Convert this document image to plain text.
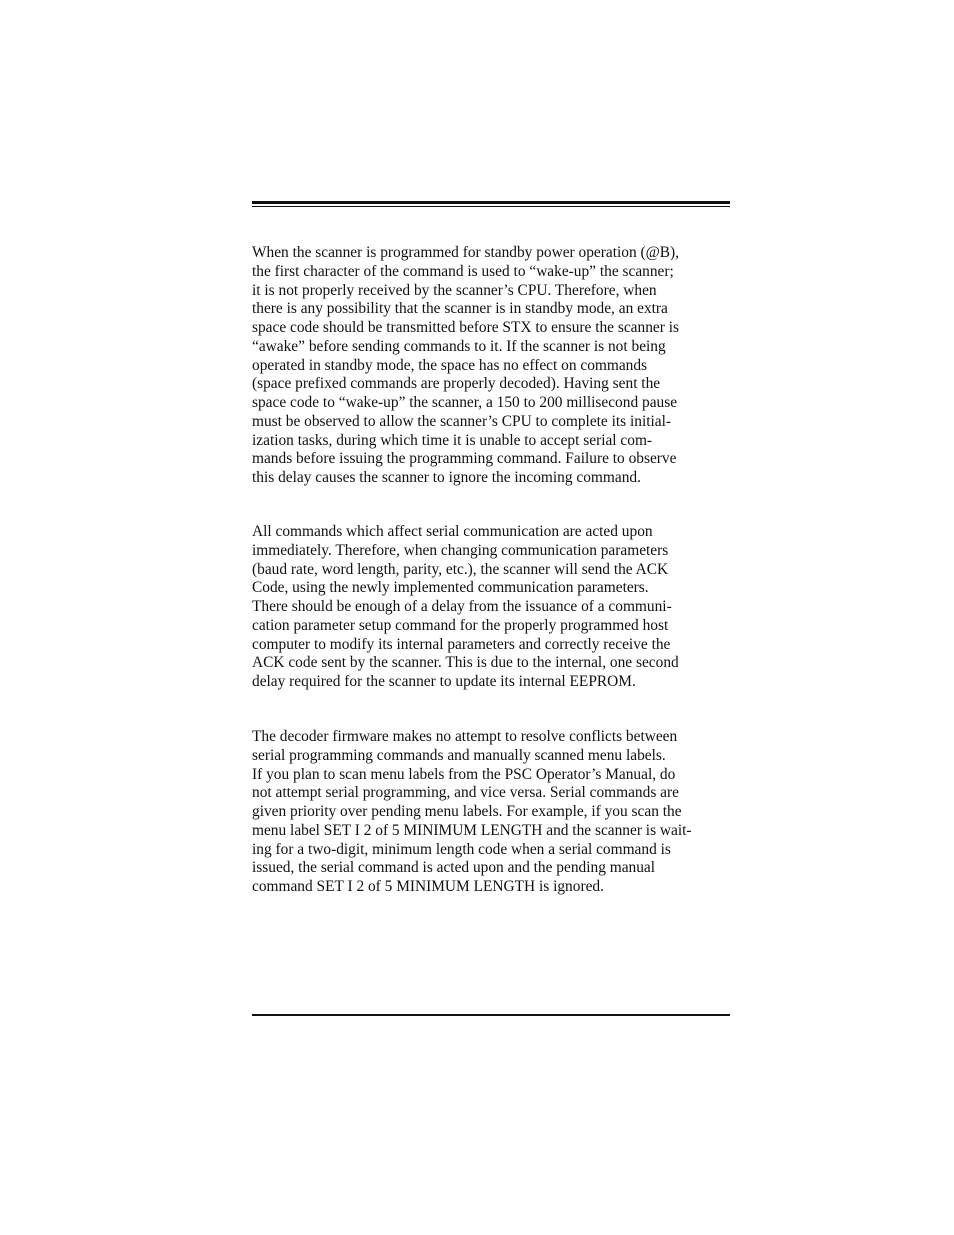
When the scanner is programmed for standby power operation (@B),
the first character of the command is used to “wake-up” the scanner;
it is not properly received by the scanner’s CPU. Therefore, when
there is any possibility that the scanner is in standby mode, an extra
space code should be transmitted before STX to ensure the scanner is
“awake” before sending commands to it. If the scanner is not being
operated in standby mode, the space has no effect on commands
(space prefixed commands are properly decoded). Having sent the
space code to “wake-up” the scanner, a 150 to 200 millisecond pause
must be observed to allow the scanner’s CPU to complete its initial-
ization tasks, during which time it is unable to accept serial com-
mands before issuing the programming command. Failure to observe
this delay causes the scanner to ignore the incoming command.

All commands which affect serial communication are acted upon
immediately. Therefore, when changing communication parameters
(baud rate, word length, parity, etc.), the scanner will send the ACK
Code, using the newly implemented communication parameters.
There should be enough of a delay from the issuance of a communi-
cation parameter setup command for the properly programmed host
computer to modify its internal parameters and correctly receive the
ACK code sent by the scanner. This is due to the internal, one second
delay required for the scanner to update its internal EEPROM.

The decoder firmware makes no attempt to resolve conflicts between
serial programming commands and manually scanned menu labels.
If you plan to scan menu labels from the PSC Operator’s Manual, do
not attempt serial programming, and vice versa. Serial commands are
given priority over pending menu labels. For example, if you scan the
menu label SET I 2 of 5 MINIMUM LENGTH and the scanner is wait-
ing for a two-digit, minimum length code when a serial command is
issued, the serial command is acted upon and the pending manual
command SET I 2 of 5 MINIMUM LENGTH is ignored.
